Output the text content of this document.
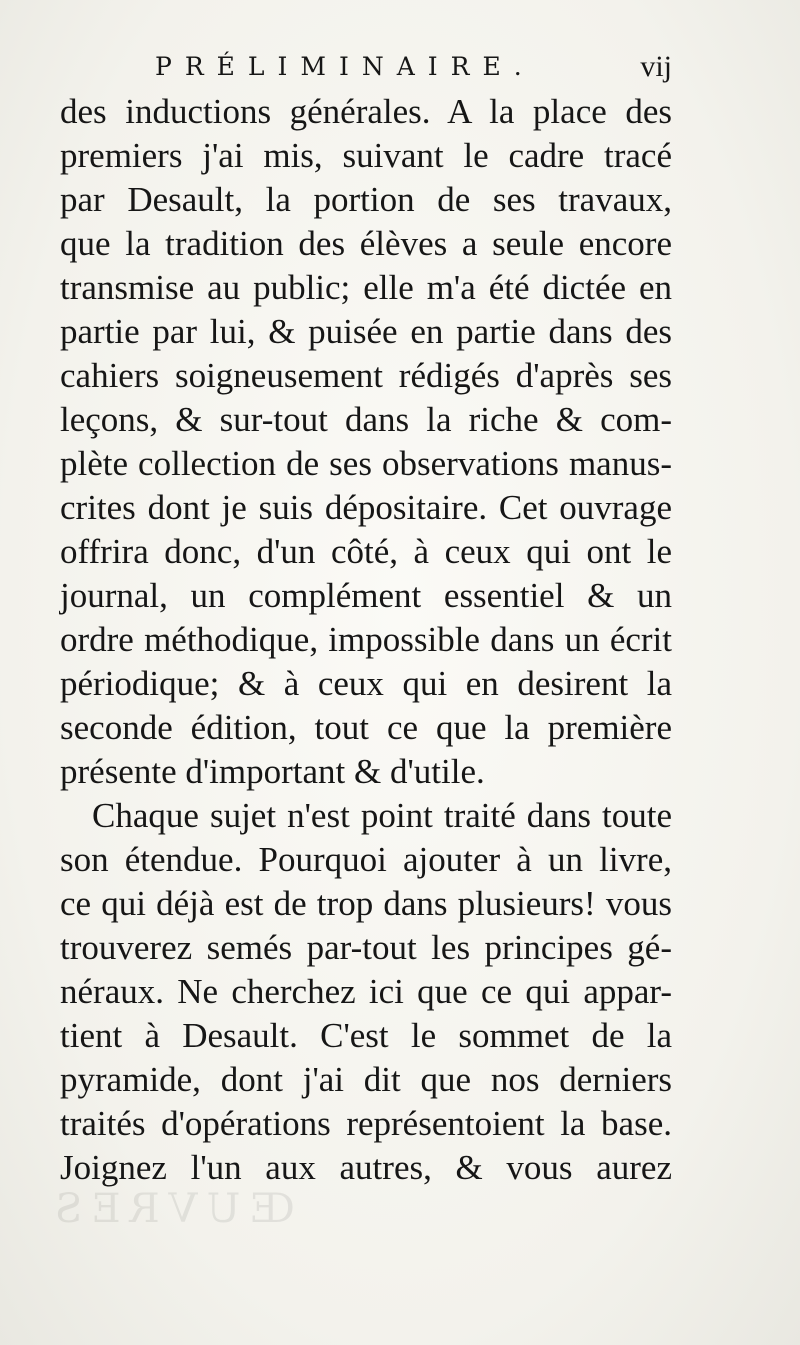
PRÉLIMINAIRE.	vij
des inductions générales. A la place des
premiers j'ai mis, suivant le cadre tracé
par Desault, la portion de ses travaux,
que la tradition des élèves a seule encore
transmise au public; elle m'a été dictée en
partie par lui, & puisée en partie dans des
cahiers soigneusement rédigés d'après ses
leçons, & sur-tout dans la riche & com-
plète collection de ses observations manus-
crites dont je suis dépositaire. Cet ouvrage
offrira donc, d'un côté, à ceux qui ont le
journal, un complément essentiel & un
ordre méthodique, impossible dans un écrit
périodique; & à ceux qui en desirent la
seconde édition, tout ce que la première
présente d'important & d'utile.
Chaque sujet n'est point traité dans toute
son étendue. Pourquoi ajouter à un livre,
ce qui déjà est de trop dans plusieurs! vous
trouverez semés par-tout les principes gé-
néraux. Ne cherchez ici que ce qui appar-
tient à Desault. C'est le sommet de la
pyramide, dont j'ai dit que nos derniers
traités d'opérations représentoient la base.
Joignez l'un aux autres, & vous aurez
ŒUVRES
